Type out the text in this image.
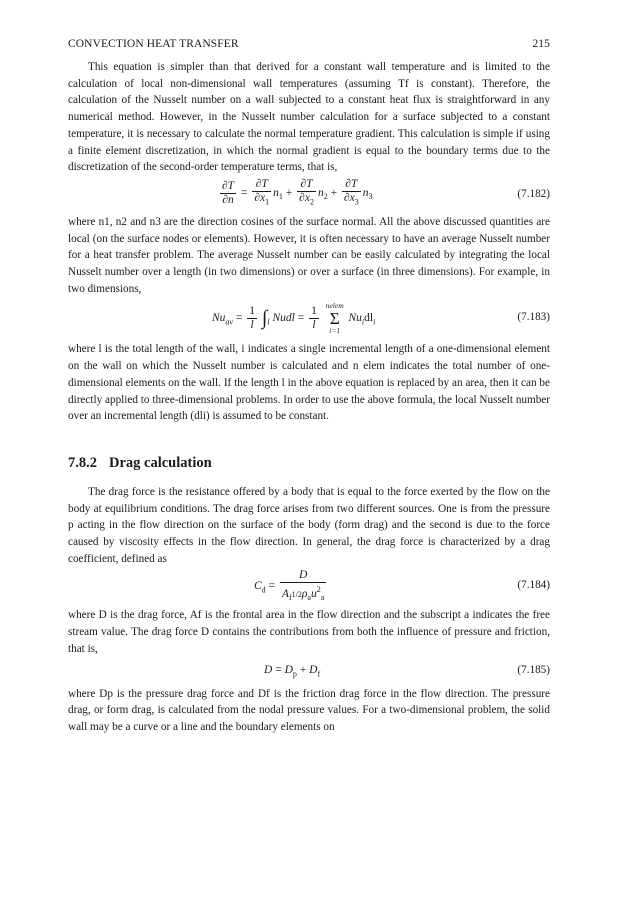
CONVECTION HEAT TRANSFER	215

This equation is simpler than that derived for a constant wall temperature and is limited to the calculation of local non-dimensional wall temperatures (assuming Tf is constant). Therefore, the calculation of the Nusselt number on a wall subjected to a constant heat flux is straightforward in any numerical method. However, in the Nusselt number calculation for a surface subjected to a constant temperature, it is necessary to calculate the normal temperature gradient. This calculation is simple if using a finite element discretization, in which the normal gradient is equal to the boundary terms due to the discretization of the second-order temperature terms, that is,

$\frac{\partial T}{\partial n} = \frac{\partial T}{\partial x_1} n_1 + \frac{\partial T}{\partial x_2} n_2 + \frac{\partial T}{\partial x_3} n_3$	(7.182)

where n1, n2 and n3 are the direction cosines of the surface normal. All the above discussed quantities are local (on the surface nodes or elements). However, it is often necessary to have an average Nusselt number for a heat transfer problem. The average Nusselt number can be easily calculated by integrating the local Nusselt number over a length (in two dimensions) or over a surface (in three dimensions). For example, in two dimensions,

$Nu_{av} = \frac{1}{l} \int_l$ Nudl = $\frac{1}{l}$
nelem
Σ
i=1
$Nu_idl_i$	(7.183)

where l is the total length of the wall, i indicates a single incremental length of a one-dimensional element on the wall on which the Nusselt number is calculated and n elem indicates the total number of one-dimensional elements on the wall. If the length l in the above equation is replaced by an area, then it can be directly applied to three-dimensional problems. In order to use the above formula, the local Nusselt number over an incremental length (dli) is assumed to be constant.

7.8.2 Drag calculation

The drag force is the resistance offered by a body that is equal to the force exerted by the flow on the body at equilibrium conditions. The drag force arises from two different sources. One is from the pressure p acting in the flow direction on the surface of the body (form drag) and the second is due to the force caused by viscosity effects in the flow direction. In general, the drag force is characterized by a drag coefficient, defined as

$C_d = \frac{D}{A_f1/2\rho_au^2_a}$	(7.184)

where D is the drag force, Af is the frontal area in the flow direction and the subscript a indicates the free stream value. The drag force D contains the contributions from both the influence of pressure and friction, that is,

$D = D_p + D_f$	(7.185)

where Dp is the pressure drag force and Df is the friction drag force in the flow direction. The pressure drag, or form drag, is calculated from the nodal pressure values. For a two-dimensional problem, the solid wall may be a curve or a line and the boundary elements on
